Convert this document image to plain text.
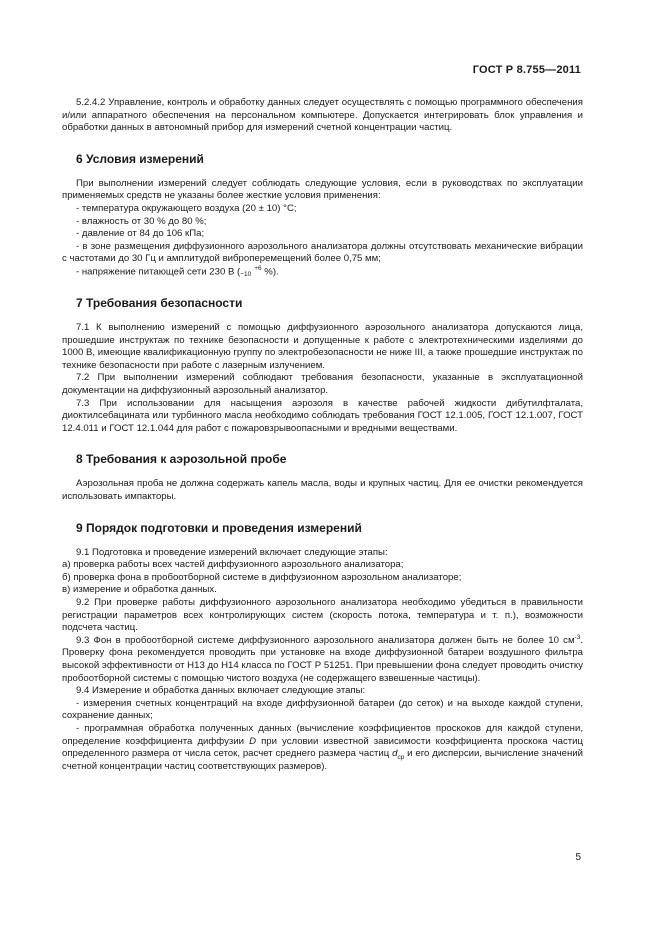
ГОСТ Р 8.755—2011

5.2.4.2 Управление, контроль и обработку данных следует осуществлять с помощью программного обеспечения и/или аппаратного обеспечения на персональном компьютере. Допускается интегрировать блок управления и обработки данных в автономный прибор для измерений счетной концентрации частиц.

6 Условия измерений

При выполнении измерений следует соблюдать следующие условия, если в руководствах по эксплуатации применяемых средств не указаны более жесткие условия применения:

- температура окружающего воздуха (20 ± 10) °С;

- влажность от 30 % до 80 %;

- давление от 84 до 106 кПа;

- в зоне размещения диффузионного аэрозольного анализатора должны отсутствовать механические вибрации с частотами до 30 Гц и амплитудой виброперемещений более 0,75 мм;

- напряжение питающей сети 230 В ( +6
−10 %).

7 Требования безопасности

7.1 К выполнению измерений с помощью диффузионного аэрозольного анализатора допускаются лица, прошедшие инструктаж по технике безопасности и допущенные к работе с электротехническими изделиями до 1000 В, имеющие квалификационную группу по электробезопасности не ниже III, а также прошедшие инструктаж по технике безопасности при работе с лазерным излучением.

7.2 При выполнении измерений соблюдают требования безопасности, указанные в эксплуатационной документации на диффузионный аэрозольный анализатор.

7.3 При использовании для насыщения аэрозоля в качестве рабочей жидкости дибутилфталата, диоктилсебацината или турбинного масла необходимо соблюдать требования ГОСТ 12.1.005, ГОСТ 12.1.007, ГОСТ 12.4.011 и ГОСТ 12.1.044 для работ с пожаровзрывоопасными и вредными веществами.

8 Требования к аэрозольной пробе

Аэрозольная проба не должна содержать капель масла, воды и крупных частиц. Для ее очистки рекомендуется использовать импакторы.

9 Порядок подготовки и проведения измерений

9.1 Подготовка и проведение измерений включает следующие этапы:

а) проверка работы всех частей диффузионного аэрозольного анализатора;

б) проверка фона в пробоотборной системе в диффузионном аэрозольном анализаторе;

в) измерение и обработка данных.

9.2 При проверке работы диффузионного аэрозольного анализатора необходимо убедиться в правильности регистрации параметров всех контролирующих систем (скорость потока, температура и т. п.), возможности подсчета частиц.

9.3 Фон в пробоотборной системе диффузионного аэрозольного анализатора должен быть не более 10 $см^{-3}$. Проверку фона рекомендуется проводить при установке на входе диффузионной батареи воздушного фильтра высокой эффективности от Н13 до Н14 класса по ГОСТ Р 51251. При превышении фона следует проводить очистку пробоотборной системы с помощью чистого воздуха (не содержащего взвешенные частицы).

9.4 Измерение и обработка данных включает следующие этапы:

- измерения счетных концентраций на входе диффузионной батареи (до сеток) и на выходе каждой ступени, сохранение данных;

- программная обработка полученных данных (вычисление коэффициентов проскоков для каждой ступени, определение коэффициента диффузии D при условии известной зависимости коэффициента проскока частиц определенного размера от числа сеток, расчет среднего размера частиц $d_{ср}$ и его дисперсии, вычисление значений счетной концентрации частиц соответствующих размеров).

5
